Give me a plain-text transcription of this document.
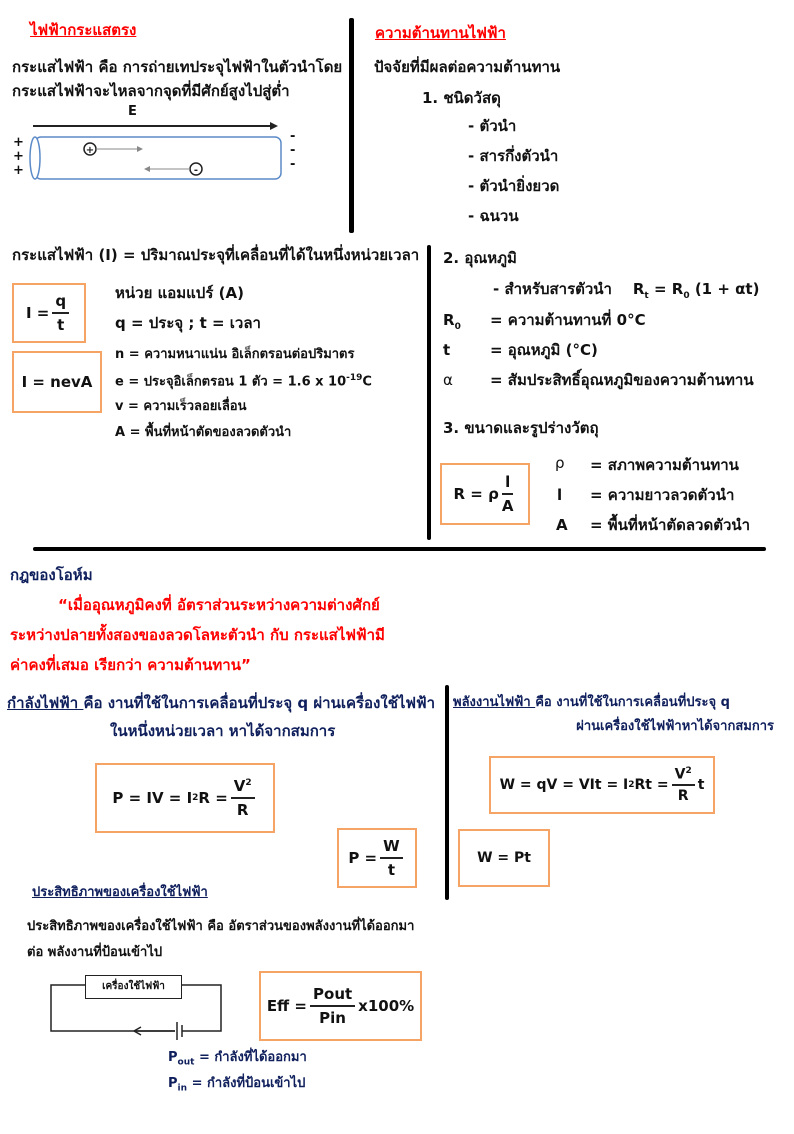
ไฟฟ้ากระแสตรง
กระแสไฟฟ้า คือ การถ่ายเทประจุไฟฟ้าในตัวนำโดย
กระแสไฟฟ้าจะไหลจากจุดที่มีศักย์สูงไปสู่ต่ำ
E
+
-
+
+
+
-
-
-
ความต้านทานไฟฟ้า
ปัจจัยที่มีผลต่อความต้านทาน
1. ชนิดวัสดุ
- ตัวนำ
- สารกึ่งตัวนำ
- ตัวนำยิ่งยวด
- ฉนวน
กระแสไฟฟ้า (I) = ปริมาณประจุที่เคลื่อนที่ได้ในหนึ่งหน่วยเวลา
$I = \frac{q}{t}$
I = nevA
หน่วย แอมแปร์ (A)
q = ประจุ ; t = เวลา
n = ความหนาแน่น อิเล็กตรอนต่อปริมาตร
e = ประจุอิเล็กตรอน 1 ตัว = 1.6 x $10^{-19}C$
v = ความเร็วลอยเลื่อน
A = พื้นที่หน้าตัดของลวดตัวนำ
2. อุณหภูมิ
- สำหรับสารตัวนำ $R_t = R_0$ (1 + αt)
$R_0$ = ความต้านทานที่ 0°C
t	= อุณหภูมิ (°C)
α = สัมประสิทธิ์อุณหภูมิของความต้านทาน
3. ขนาดและรูปร่างวัตถุ
R = ρ $\frac{l}{A}$
ρ = สภาพความต้านทาน
l = ความยาวลวดตัวนำ
A = พื้นที่หน้าตัดลวดตัวนำ
กฎของโอห์ม
“เมื่ออุณหภูมิคงที่ อัตราส่วนระหว่างความต่างศักย์
ระหว่างปลายทั้งสองของลวดโลหะตัวนำ กับ กระแสไฟฟ้ามี
ค่าคงที่เสมอ เรียกว่า ความต้านทาน”
กำลังไฟฟ้า คือ งานที่ใช้ในการเคลื่อนที่ประจุ q ผ่านเครื่องใช้ไฟฟ้า
ในหนึ่งหน่วยเวลา หาได้จากสมการ
P = IV = I 2 $R = \frac{V^2}{R}$
$P = \frac{W}{t}$
พลังงานไฟฟ้า คือ งานที่ใช้ในการเคลื่อนที่ประจุ q
ผ่านเครื่องใช้ไฟฟ้าหาได้จากสมการ
W = qV = VIt = I 2 $Rt = \frac{V^2}{R}$ t
W = Pt
ประสิทธิภาพของเครื่องใช้ไฟฟ้า
ประสิทธิภาพของเครื่องใช้ไฟฟ้า คือ อัตราส่วนของพลังงานที่ได้ออกมา
ต่อ พลังงานที่ป้อนเข้าไป
เครื่องใช้ไฟฟ้า
Eff = $\frac{\text{Pout}}{\text{Pin}} x100\%$
$P_{out}$ = กำลังที่ได้ออกมา
$P_{in}$ = กำลังที่ป้อนเข้าไป
